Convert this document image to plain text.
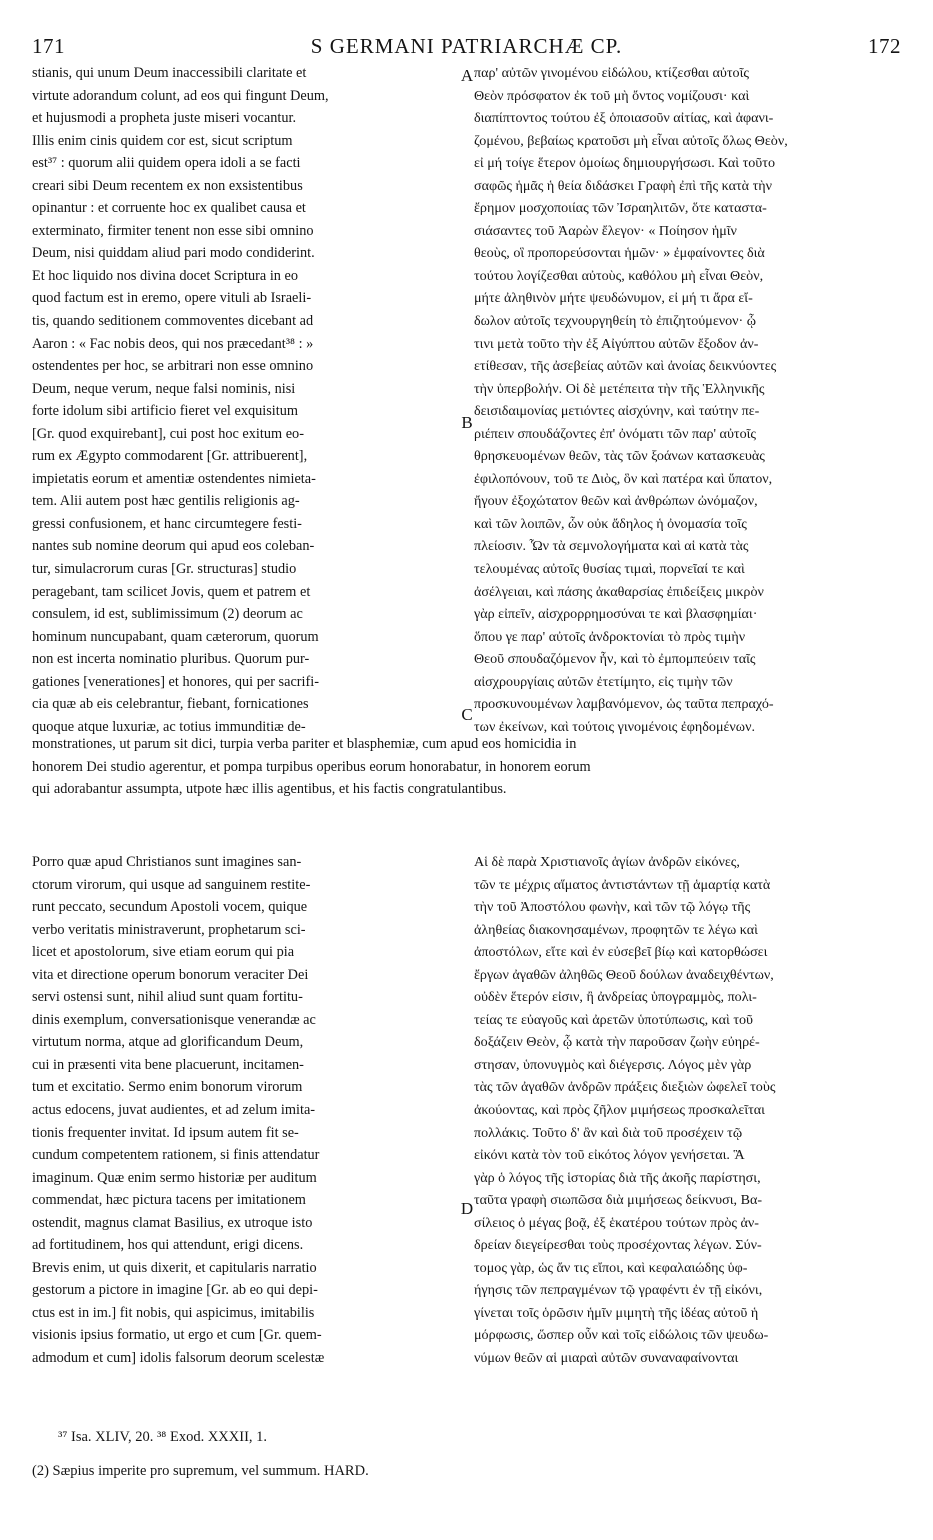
171	S GERMANI PATRIARCHÆ CP.	172
stianis, qui unum Deum inaccessibili claritate et
virtute adorandum colunt, ad eos qui fingunt Deum,
et hujusmodi a propheta juste miseri vocantur.
Illis enim cinis quidem cor est, sicut scriptum
est³⁷ : quorum alii quidem opera idoli a se facti
creari sibi Deum recentem ex non exsistentibus
opinantur : et corruente hoc ex qualibet causa et
exterminato, firmiter tenent non esse sibi omnino
Deum, nisi quiddam aliud pari modo condiderint.
Et hoc liquido nos divina docet Scriptura in eo
quod factum est in eremo, opere vituli ab Israeli-
tis, quando seditionem commoventes dicebant ad
Aaron : « Fac nobis deos, qui nos præcedant³⁸ : »
ostendentes per hoc, se arbitrari non esse omnino
Deum, neque verum, neque falsi nominis, nisi
forte idolum sibi artificio fieret vel exquisitum
[Gr. quod exquirebant], cui post hoc exitum eo-
rum ex Ægypto commodarent [Gr. attribuerent],
impietatis eorum et amentiæ ostendentes nimieta-
tem. Alii autem post hæc gentilis religionis ag-
gressi confusionem, et hanc circumtegere festi-
nantes sub nomine deorum qui apud eos coleban-
tur, simulacrorum curas [Gr. structuras] studio
peragebant, tam scilicet Jovis, quem et patrem et
consulem, id est, sublimissimum (2) deorum ac
hominum nuncupabant, quam cæterorum, quorum
non est incerta nominatio pluribus. Quorum pur-
gationes [venerationes] et honores, qui per sacrifi-
cia quæ ab eis celebrantur, fiebant, fornicationes
quoque atque luxuriæ, ac totius immunditiæ de-
παρ' αὐτῶν γινομένου εἰδώλου, κτίζεσθαι αὐτοῖς
Θεὸν πρόσφατον ἐκ τοῦ μὴ ὄντος νομίζουσι· καὶ
διαπίπτοντος τούτου ἐξ ὁποιασοῦν αἰτίας, καὶ ἀφανι-
ζομένου, βεβαίως κρατοῦσι μὴ εἶναι αὐτοῖς ὅλως Θεὸν,
εἰ μή τοίγε ἕτερον ὁμοίως δημιουργήσωσι. Καὶ τοῦτο
σαφῶς ἡμᾶς ἡ θεία διδάσκει Γραφὴ ἐπὶ τῆς κατὰ τὴν
ἔρημον μοσχοποιίας τῶν Ἰσραηλιτῶν, ὅτε καταστα-
σιάσαντες τοῦ Ἀαρὼν ἔλεγον· « Ποίησον ἡμῖν
θεοὺς, οἳ προπορεύσονται ἡμῶν· » ἐμφαίνοντες διὰ
τούτου λογίζεσθαι αὐτοὺς, καθόλου μὴ εἶναι Θεὸν,
μήτε ἀληθινὸν μήτε ψευδώνυμον, εἰ μή τι ἄρα εἴ-
δωλον αὐτοῖς τεχνουργηθείη τὸ ἐπιζητούμενον· ᾧ
τινι μετὰ τοῦτο τὴν ἐξ Αἰγύπτου αὐτῶν ἔξοδον ἀν-
ετίθεσαν, τῆς ἀσεβείας αὐτῶν καὶ ἀνοίας δεικνύοντες
τὴν ὑπερβολήν. Οἱ δὲ μετέπειτα τὴν τῆς Ἑλληνικῆς
δεισιδαιμονίας μετιόντες αἰσχύνην, καὶ ταύτην πε-
ριέπειν σπουδάζοντες ἐπ' ὀνόματι τῶν παρ' αὐτοῖς
θρησκευομένων θεῶν, τὰς τῶν ξοάνων κατασκευὰς
ἐφιλοπόνουν, τοῦ τε Διὸς, ὃν καὶ πατέρα καὶ ὕπατον,
ἤγουν ἐξοχώτατον θεῶν καὶ ἀνθρώπων ὠνόμαζον,
καὶ τῶν λοιπῶν, ὧν οὐκ ἄδηλος ἡ ὀνομασία τοῖς
πλείοσιν. Ὧν τὰ σεμνολογήματα καὶ αἱ κατὰ τὰς
τελουμένας αὐτοῖς θυσίας τιμαὶ, πορνεῖαί τε καὶ
ἀσέλγειαι, καὶ πάσης ἀκαθαρσίας ἐπιδείξεις μικρὸν
γὰρ εἰπεῖν, αἰσχρορρημοσύναι τε καὶ βλασφημίαι·
ὅπου γε παρ' αὐτοῖς ἀνδροκτονίαι τὸ πρὸς τιμὴν
Θεοῦ σπουδαζόμενον ἦν, καὶ τὸ ἐμπομπεύειν ταῖς
αἰσχρουργίαις αὐτῶν ἐτετίμητο, εἰς τιμὴν τῶν
προσκυνουμένων λαμβανόμενον, ὡς ταῦτα πεπραχό-
των ἐκείνων, καὶ τούτοις γινομένοις ἐφηδομένων.
A
B
C
D
monstrationes, ut parum sit dici, turpia verba pariter et blasphemiæ, cum apud eos homicidia in
honorem Dei studio agerentur, et pompa turpibus operibus eorum honorabatur, in honorem eorum
qui adorabantur assumpta, utpote hæc illis agentibus, et his factis congratulantibus.
Porro quæ apud Christianos sunt imagines san-
ctorum virorum, qui usque ad sanguinem restite-
runt peccato, secundum Apostoli vocem, quique
verbo veritatis ministraverunt, prophetarum sci-
licet et apostolorum, sive etiam eorum qui pia
vita et directione operum bonorum veraciter Dei
servi ostensi sunt, nihil aliud sunt quam fortitu-
dinis exemplum, conversationisque venerandæ ac
virtutum norma, atque ad glorificandum Deum,
cui in præsenti vita bene placuerunt, incitamen-
tum et excitatio. Sermo enim bonorum virorum
actus edocens, juvat audientes, et ad zelum imita-
tionis frequenter invitat. Id ipsum autem fit se-
cundum competentem rationem, si finis attendatur
imaginum. Quæ enim sermo historiæ per auditum
commendat, hæc pictura tacens per imitationem
ostendit, magnus clamat Basilius, ex utroque isto
ad fortitudinem, hos qui attendunt, erigi dicens.
Brevis enim, ut quis dixerit, et capitularis narratio
gestorum a pictore in imagine [Gr. ab eo qui depi-
ctus est in im.] fit nobis, qui aspicimus, imitabilis
visionis ipsius formatio, ut ergo et cum [Gr. quem-
admodum et cum] idolis falsorum deorum scelestæ
Αἱ δὲ παρὰ Χριστιανοῖς ἁγίων ἀνδρῶν εἰκόνες,
τῶν τε μέχρις αἵματος ἀντιστάντων τῇ ἁμαρτίᾳ κατὰ
τὴν τοῦ Ἀποστόλου φωνὴν, καὶ τῶν τῷ λόγῳ τῆς
ἀληθείας διακονησαμένων, προφητῶν τε λέγω καὶ
ἀποστόλων, εἴτε καὶ ἐν εὐσεβεῖ βίῳ καὶ κατορθώσει
ἔργων ἀγαθῶν ἀληθῶς Θεοῦ δούλων ἀναδειχθέντων,
οὐδὲν ἕτερόν εἰσιν, ἢ ἀνδρείας ὑπογραμμὸς, πολι-
τείας τε εὐαγοῦς καὶ ἀρετῶν ὑποτύπωσις, καὶ τοῦ
δοξάζειν Θεὸν, ᾧ κατὰ τὴν παροῦσαν ζωὴν εὐηρέ-
στησαν, ὑπονυγμὸς καὶ διέγερσις. Λόγος μὲν γὰρ
τὰς τῶν ἀγαθῶν ἀνδρῶν πράξεις διεξιὼν ὠφελεῖ τοὺς
ἀκούοντας, καὶ πρὸς ζῆλον μιμήσεως προσκαλεῖται
πολλάκις. Τοῦτο δ' ἂν καὶ διὰ τοῦ προσέχειν τῷ
εἰκόνι κατὰ τὸν τοῦ εἰκότος λόγον γενήσεται. Ἃ
γὰρ ὁ λόγος τῆς ἱστορίας διὰ τῆς ἀκοῆς παρίστησι,
ταῦτα γραφὴ σιωπῶσα διὰ μιμήσεως δείκνυσι, Βα-
σίλειος ὁ μέγας βοᾷ, ἐξ ἑκατέρου τούτων πρὸς ἀν-
δρείαν διεγείρεσθαι τοὺς προσέχοντας λέγων. Σύν-
τομος γὰρ, ὡς ἄν τις εἴποι, καὶ κεφαλαιώδης ὑφ-
ήγησις τῶν πεπραγμένων τῷ γραφέντι ἐν τῇ εἰκόνι,
γίνεται τοῖς ὁρῶσιν ἡμῖν μιμητὴ τῆς ἰδέας αὐτοῦ ἡ
μόρφωσις, ὥσπερ οὖν καὶ τοῖς εἰδώλοις τῶν ψευδω-
νύμων θεῶν αἱ μιαραὶ αὐτῶν συναναφαίνονται
³⁷ Isa. XLIV, 20. ³⁸ Exod. XXXII, 1.
(2) Sæpius imperite pro supremum, vel summum. HARD.
